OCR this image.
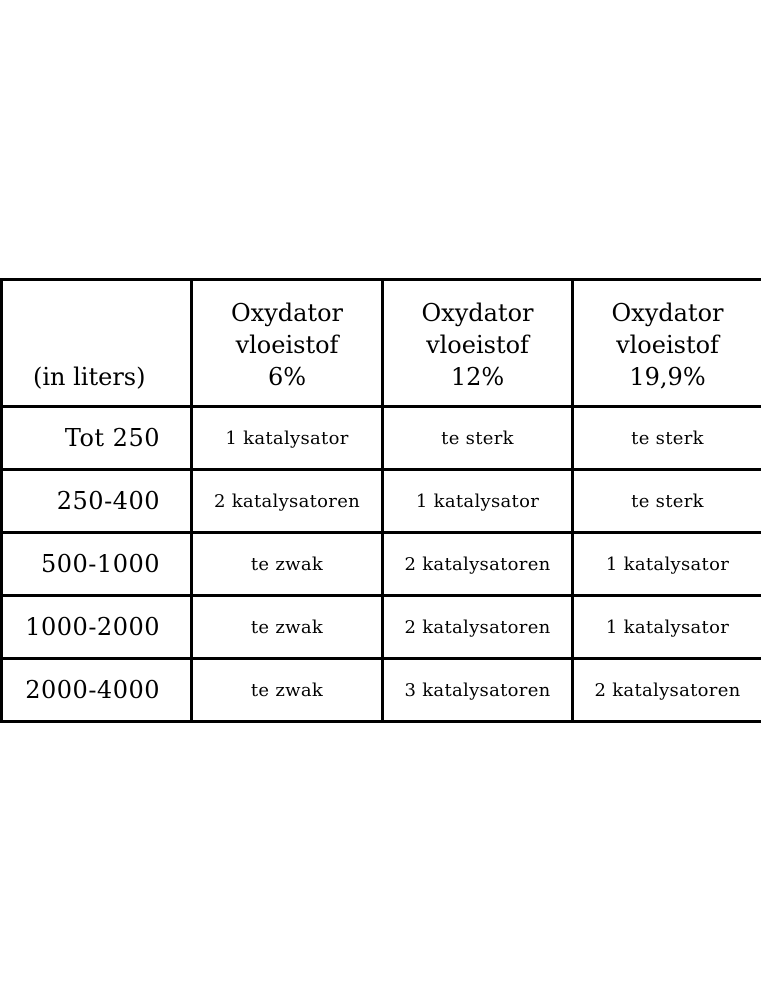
(in liters)	Oxydator
vloeistof
6%	Oxydator
vloeistof
12%	Oxydator
vloeistof
19,9%

Tot 250	1 katalysator	te sterk	te sterk
250-400	2 katalysatoren	1 katalysator	te sterk
500-1000	te zwak	2 katalysatoren	1 katalysator
1000-2000	te zwak	2 katalysatoren	1 katalysator
2000-4000	te zwak	3 katalysatoren	2 katalysatoren
